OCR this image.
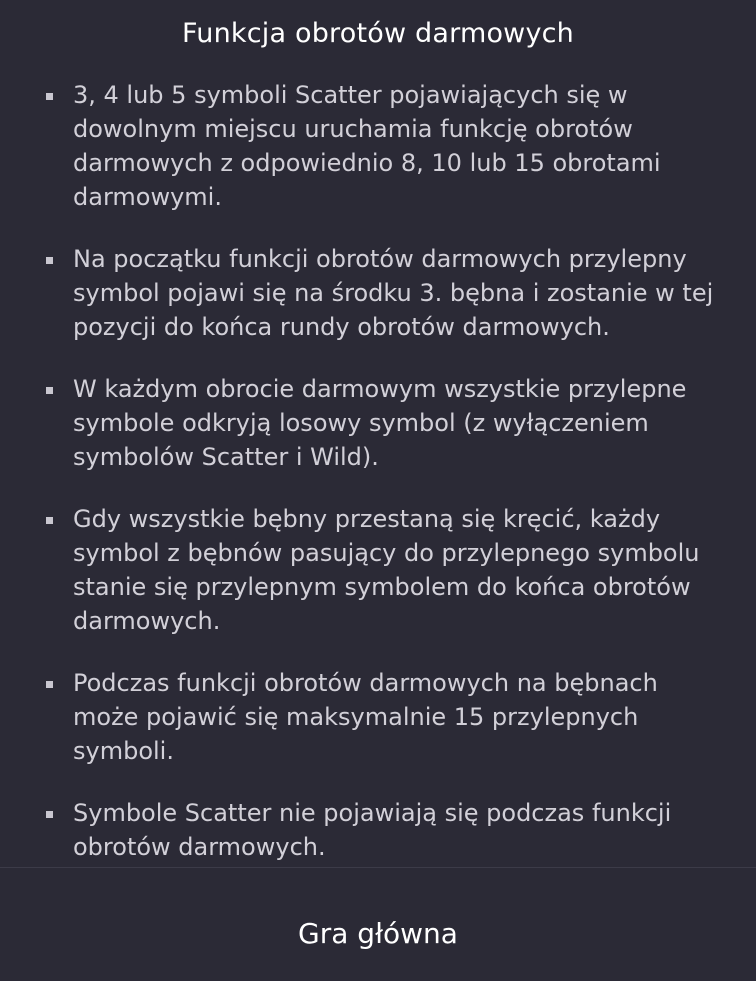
Funkcja obrotów darmowych
3, 4 lub 5 symboli Scatter pojawiających się w dowolnym miejscu uruchamia funkcję obrotów darmowych z odpowiednio 8, 10 lub 15 obrotami darmowymi.
Na początku funkcji obrotów darmowych przylepny symbol pojawi się na środku 3. bębna i zostanie w tej pozycji do końca rundy obrotów darmowych.
W każdym obrocie darmowym wszystkie przylepne symbole odkryją losowy symbol (z wyłączeniem symbolów Scatter i Wild).
Gdy wszystkie bębny przestaną się kręcić, każdy symbol z bębnów pasujący do przylepnego symbolu stanie się przylepnym symbolem do końca obrotów darmowych.
Podczas funkcji obrotów darmowych na bębnach może pojawić się maksymalnie 15 przylepnych symboli.
Symbole Scatter nie pojawiają się podczas funkcji obrotów darmowych.
Gra główna
